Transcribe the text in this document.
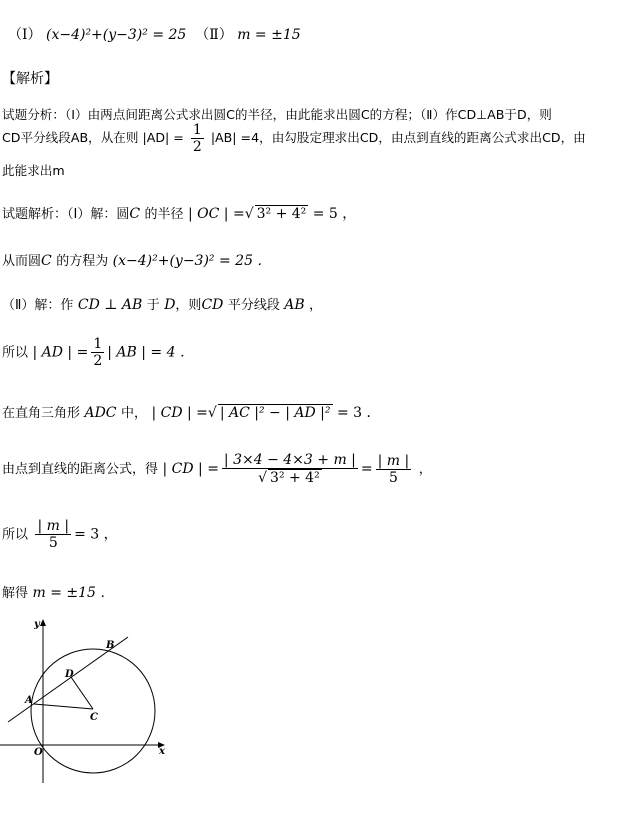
（Ⅰ） (x−4)²+(y−3)² = 25 （Ⅱ） m = ±15
【解析】
试题分析：（Ⅰ）由两点间距离公式求出圆C的半径，由此能求出圆C的方程；（Ⅱ）作CD⊥AB于D，则
CD平分线段AB，从在则 $|AD| = \frac{1}{2} |AB| =4$，由勾股定理求出CD，由点到直线的距离公式求出CD，由
此能求出m
试题解析：（Ⅰ）解：圆C 的半径 | OC | =√ 3² + 4² = 5 ，
从而圆C 的方程为 (x−4)²+(y−3)² = 25 ．
（Ⅱ）解：作 CD ⊥ AB 于 D，则CD 平分线段 AB ，
所以 | AD | = $\frac{1}{2}$ | AB | = 4 ．
在直角三角形 ADC 中， | CD | =√ | AC |² − | AD |² = 3 ．
由点到直线的距离公式，得 | CD | = $\frac{| 3\times 4 - 4\times 3 + m |}{\text{√ 3² + 4²}} = \frac{| m |}{5}$ ，
所以 $\frac{| m |}{5} = 3$ ，
解得 m = ±15 ．
y
x
O
A
B
C
D
